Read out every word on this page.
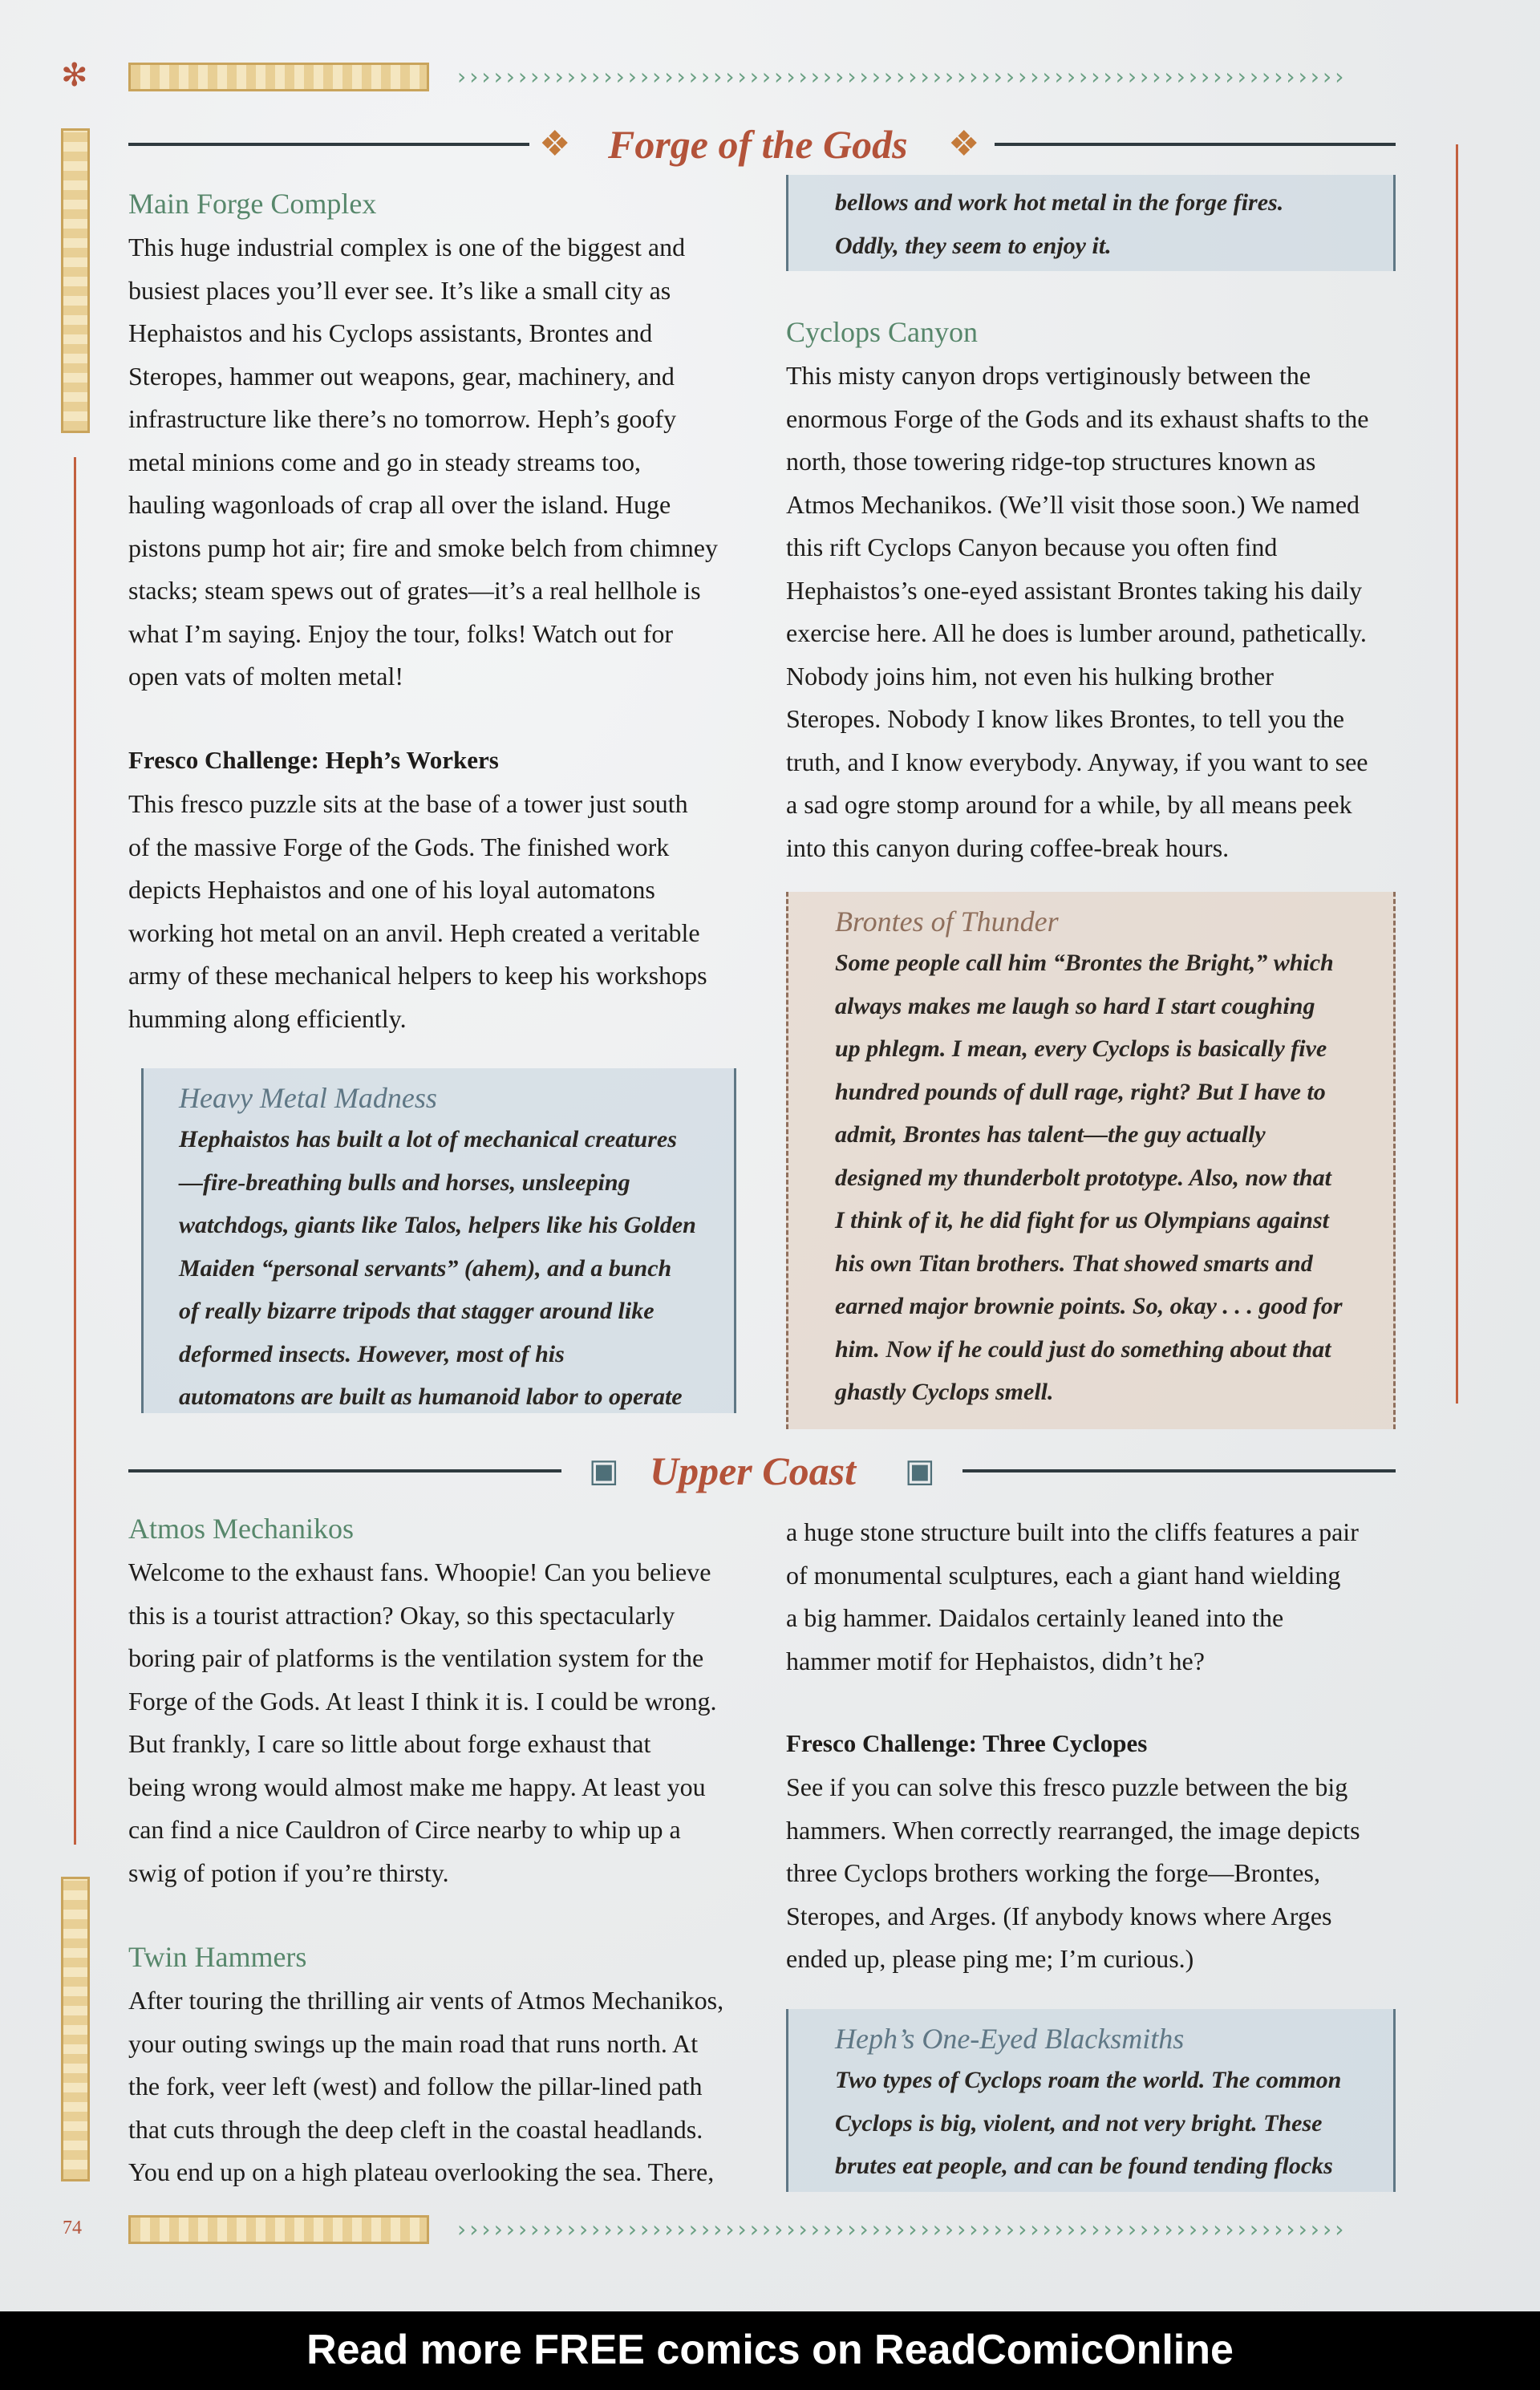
✻	›››››››››››››››››››››››››››››››››››››››››››››››››››››››››››››››››››››››››
❖ Forge of the Gods ❖
Main Forge Complex
This huge industrial complex is one of the biggest and
busiest places you’ll ever see. It’s like a small city as
Hephaistos and his Cyclops assistants, Brontes and
Steropes, hammer out weapons, gear, machinery, and
infrastructure like there’s no tomorrow. Heph’s goofy
metal minions come and go in steady streams too,
hauling wagonloads of crap all over the island. Huge
pistons pump hot air; fire and smoke belch from chimney
stacks; steam spews out of grates—it’s a real hellhole is
what I’m saying. Enjoy the tour, folks! Watch out for
open vats of molten metal!
Fresco Challenge: Heph’s Workers
This fresco puzzle sits at the base of a tower just south
of the massive Forge of the Gods. The finished work
depicts Hephaistos and one of his loyal automatons
working hot metal on an anvil. Heph created a veritable
army of these mechanical helpers to keep his workshops
humming along efficiently.
Heavy Metal Madness
Hephaistos has built a lot of mechanical creatures
—fire-breathing bulls and horses, unsleeping
watchdogs, giants like Talos, helpers like his Golden
Maiden “personal servants” (ahem), and a bunch
of really bizarre tripods that stagger around like
deformed insects. However, most of his
automatons are built as humanoid labor to operate
bellows and work hot metal in the forge fires.
Oddly, they seem to enjoy it.
Cyclops Canyon
This misty canyon drops vertiginously between the
enormous Forge of the Gods and its exhaust shafts to the
north, those towering ridge-top structures known as
Atmos Mechanikos. (We’ll visit those soon.) We named
this rift Cyclops Canyon because you often find
Hephaistos’s one-eyed assistant Brontes taking his daily
exercise here. All he does is lumber around, pathetically.
Nobody joins him, not even his hulking brother
Steropes. Nobody I know likes Brontes, to tell you the
truth, and I know everybody. Anyway, if you want to see
a sad ogre stomp around for a while, by all means peek
into this canyon during coffee-break hours.
Brontes of Thunder
Some people call him “Brontes the Bright,” which
always makes me laugh so hard I start coughing
up phlegm. I mean, every Cyclops is basically five
hundred pounds of dull rage, right? But I have to
admit, Brontes has talent—the guy actually
designed my thunderbolt prototype. Also, now that
I think of it, he did fight for us Olympians against
his own Titan brothers. That showed smarts and
earned major brownie points. So, okay . . . good for
him. Now if he could just do something about that
ghastly Cyclops smell.
▣ Upper Coast ▣
Atmos Mechanikos
Welcome to the exhaust fans. Whoopie! Can you believe
this is a tourist attraction? Okay, so this spectacularly
boring pair of platforms is the ventilation system for the
Forge of the Gods. At least I think it is. I could be wrong.
But frankly, I care so little about forge exhaust that
being wrong would almost make me happy. At least you
can find a nice Cauldron of Circe nearby to whip up a
swig of potion if you’re thirsty.
Twin Hammers
After touring the thrilling air vents of Atmos Mechanikos,
your outing swings up the main road that runs north. At
the fork, veer left (west) and follow the pillar-lined path
that cuts through the deep cleft in the coastal headlands.
You end up on a high plateau overlooking the sea. There,
a huge stone structure built into the cliffs features a pair
of monumental sculptures, each a giant hand wielding
a big hammer. Daidalos certainly leaned into the
hammer motif for Hephaistos, didn’t he?
Fresco Challenge: Three Cyclopes
See if you can solve this fresco puzzle between the big
hammers. When correctly rearranged, the image depicts
three Cyclops brothers working the forge—Brontes,
Steropes, and Arges. (If anybody knows where Arges
ended up, please ping me; I’m curious.)
Heph’s One-Eyed Blacksmiths
Two types of Cyclops roam the world. The common
Cyclops is big, violent, and not very bright. These
brutes eat people, and can be found tending flocks
74	›››››››››››››››››››››››››››››››››››››››››››››››››››››››››››››››››››››››››
Read more FREE comics on ReadComicOnline
